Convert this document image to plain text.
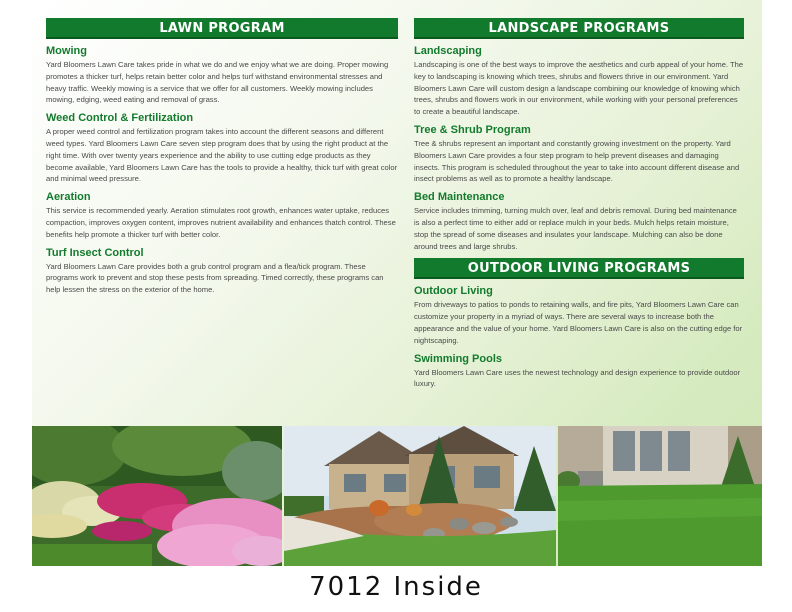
LAWN PROGRAM
Mowing
Yard Bloomers Lawn Care takes pride in what we do and we enjoy what we are doing. Proper mowing promotes a thicker turf, helps retain better color and helps turf withstand environmental stresses and heavy traffic. Weekly mowing is a service that we offer for all customers. Weekly mowing includes mowing, edging, weed eating and removal of grass.
Weed Control & Fertilization
A proper weed control and fertilization program takes into account the different seasons and different weed types. Yard Bloomers Lawn Care seven step program does that by using the right product at the right time. With over twenty years experience and the ability to use cutting edge products as they become available, Yard Bloomers Lawn Care has the tools to provide a healthy, thick turf with great color and minimal weed pressure.
Aeration
This service is recommended yearly. Aeration stimulates root growth, enhances water uptake, reduces compaction, improves oxygen content, improves nutrient availability and enhances thatch control. These benefits help promote a thicker turf with better color.
Turf Insect Control
Yard Bloomers Lawn Care provides both a grub control program and a flea/tick program. These programs work to prevent and stop these pests from spreading. Timed correctly, these programs can help lessen the stress on the exterior of the home.
LANDSCAPE PROGRAMS
Landscaping
Landscaping is one of the best ways to improve the aesthetics and curb appeal of your home. The key to landscaping is knowing which trees, shrubs and flowers thrive in our environment. Yard Bloomers Lawn Care will custom design a landscape combining our knowledge of knowing which trees, shrubs and flowers work in our environment, while working with your personal preferences to create a beautiful landscape.
Tree & Shrub Program
Tree & shrubs represent an important and constantly growing investment on the property. Yard Bloomers Lawn Care provides a four step program to help prevent diseases and damaging insects. This program is scheduled throughout the year to take into account different disease and insect problems as well as to promote a healthy landscape.
Bed Maintenance
Service includes trimming, turning mulch over, leaf and debris removal. During bed maintenance is also a perfect time to either add or replace mulch in your beds. Mulch helps retain moisture, stop the spread of some diseases and insulates your landscape. Mulching can also be done around trees and large shrubs.
OUTDOOR LIVING PROGRAMS
Outdoor Living
From driveways to patios to ponds to retaining walls, and fire pits, Yard Bloomers Lawn Care can customize your property in a myriad of ways. There are several ways to increase both the appearance and the value of your home. Yard Bloomers Lawn Care is also on the cutting edge for nightscaping.
Swimming Pools
Yard Bloomers Lawn Care uses the newest technology and design experience to provide outdoor luxury.
7012 Inside
